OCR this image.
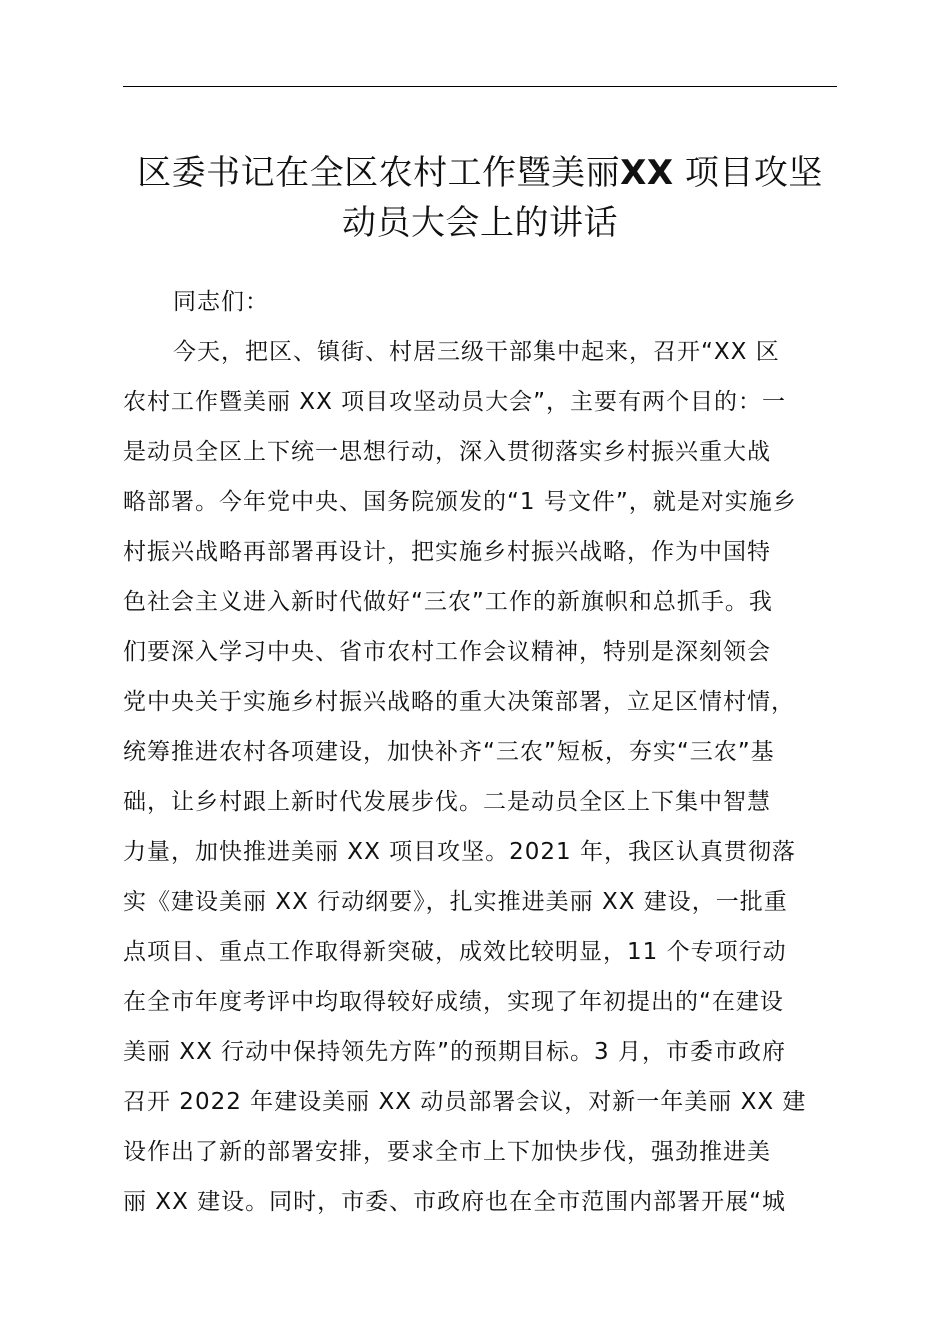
区委书记在全区农村工作暨美丽XX 项目攻坚
动员大会上的讲话
同志们：
今天，把区、镇街、村居三级干部集中起来，召开“XX 区
农村工作暨美丽 XX 项目攻坚动员大会”，主要有两个目的：一
是动员全区上下统一思想行动，深入贯彻落实乡村振兴重大战
略部署。今年党中央、国务院颁发的“1 号文件”，就是对实施乡
村振兴战略再部署再设计，把实施乡村振兴战略，作为中国特
色社会主义进入新时代做好“三农”工作的新旗帜和总抓手。我
们要深入学习中央、省市农村工作会议精神，特别是深刻领会
党中央关于实施乡村振兴战略的重大决策部署，立足区情村情，
统筹推进农村各项建设，加快补齐“三农”短板，夯实“三农”基
础，让乡村跟上新时代发展步伐。二是动员全区上下集中智慧
力量，加快推进美丽 XX 项目攻坚。2021 年，我区认真贯彻落
实《建设美丽 XX 行动纲要》，扎实推进美丽 XX 建设，一批重
点项目、重点工作取得新突破，成效比较明显，11 个专项行动
在全市年度考评中均取得较好成绩，实现了年初提出的“在建设
美丽 XX 行动中保持领先方阵”的预期目标。3 月，市委市政府
召开 2022 年建设美丽 XX 动员部署会议，对新一年美丽 XX 建
设作出了新的部署安排，要求全市上下加快步伐，强劲推进美
丽 XX 建设。同时，市委、市政府也在全市范围内部署开展“城
